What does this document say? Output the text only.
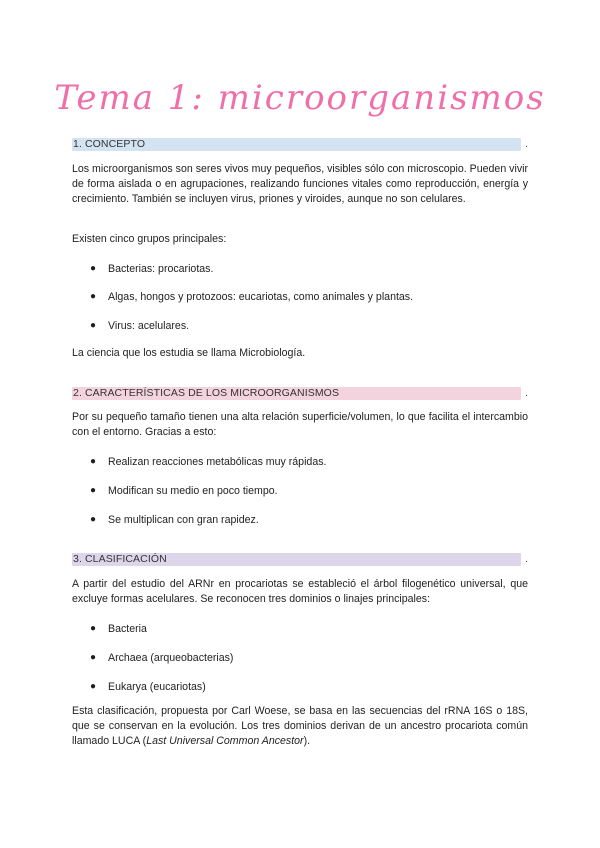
Tema 1: microorganismos
1. CONCEPTO	.

Los microorganismos son seres vivos muy pequeños, visibles sólo con microscopio. Pueden vivir de forma aislada o en agrupaciones, realizando funciones vitales como reproducción, energía y crecimiento. También se incluyen virus, priones y viroides, aunque no son celulares.

Existen cinco grupos principales:

● Bacterias: procariotas.
● Algas, hongos y protozoos: eucariotas, como animales y plantas.
● Virus: acelulares.

La ciencia que los estudia se llama Microbiología.

2. CARACTERÍSTICAS DE LOS MICROORGANISMOS	.

Por su pequeño tamaño tienen una alta relación superficie/volumen, lo que facilita el intercambio con el entorno. Gracias a esto:

● Realizan reacciones metabólicas muy rápidas.
● Modifican su medio en poco tiempo.
● Se multiplican con gran rapidez.
3. CLASIFICACIÓN	.

A partir del estudio del ARNr en procariotas se estableció el árbol filogenético universal, que excluye formas acelulares. Se reconocen tres dominios o linajes principales:

● Bacteria
● Archaea (arqueobacterias)
● Eukarya (eucariotas)

Esta clasificación, propuesta por Carl Woese, se basa en las secuencias del rRNA 16S o 18S, que se conservan en la evolución. Los tres dominios derivan de un ancestro procariota común llamado LUCA (Last Universal Common Ancestor).
